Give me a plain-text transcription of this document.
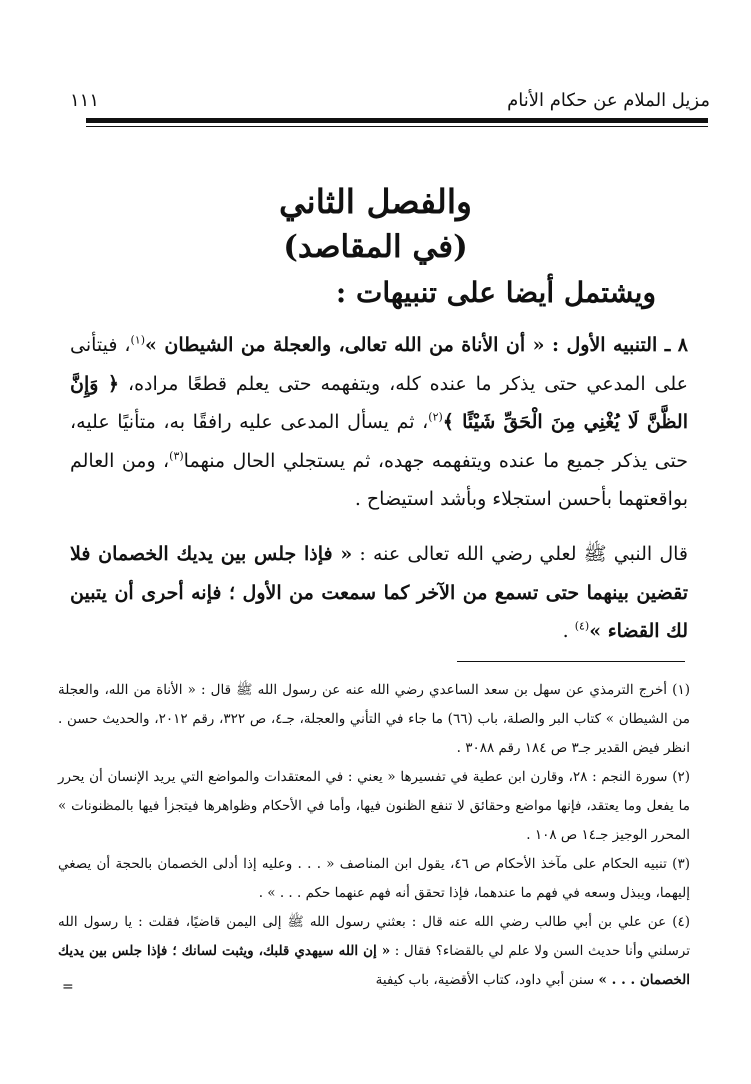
مزيل الملام عن حكام الأنام
١١١
والفصل الثاني
(في المقاصد)
ويشتمل أيضا على تنبيهات :

٨ ـ التنبيه الأول : « أن الأناة من الله تعالى، والعجلة من الشيطان »$^{(١)}$، فيتأنى على المدعي حتى يذكر ما عنده كله، ويتفهمه حتى يعلم قطعًا مراده، ﴿ وَإِنَّ الظَّنَّ لَا يُغْنِي مِنَ الْحَقِّ شَيْئًا ﴾$^{(٢)}$، ثم يسأل المدعى عليه رافقًا به، متأنيًا عليه، حتى يذكر جميع ما عنده ويتفهمه جهده، ثم يستجلي الحال منهما$^{(٣)}$، ومن العالم بواقعتهما بأحسن استجلاء وبأشد استيضاح .

قال النبي ﷺ لعلي رضي الله تعالى عنه : « فإذا جلس بين يديك الخصمان فلا تقضين بينهما حتى تسمع من الآخر كما سمعت من الأول ؛ فإنه أحرى أن يتبين لك القضاء »$^{(٤)}$ .

(١) أخرج الترمذي عن سهل بن سعد الساعدي رضي الله عنه عن رسول الله ﷺ قال : « الأناة من الله، والعجلة من الشيطان » كتاب البر والصلة، باب (٦٦) ما جاء في التأني والعجلة، جـ٤، ص ٣٢٢، رقم ٢٠١٢، والحديث حسن . انظر فيض القدير جـ٣ ص ١٨٤ رقم ٣٠٨٨ .

(٢) سورة النجم : ٢٨، وقارن ابن عطية في تفسيرها « يعني : في المعتقدات والمواضع التي يريد الإنسان أن يحرر ما يفعل وما يعتقد، فإنها مواضع وحقائق لا تنفع الظنون فيها، وأما في الأحكام وظواهرها فيتجزأ فيها بالمظنونات » المحرر الوجيز جـ١٤ ص ١٠٨ .

(٣) تنبيه الحكام على مآخذ الأحكام ص ٤٦، يقول ابن المناصف « . . . وعليه إذا أدلى الخصمان بالحجة أن يصغي إليهما، ويبذل وسعه في فهم ما عندهما، فإذا تحقق أنه فهم عنهما حكم . . . » .

(٤) عن علي بن أبي طالب رضي الله عنه قال : بعثني رسول الله ﷺ إلى اليمن قاضيًا، فقلت : يا رسول الله ترسلني وأنا حديث السن ولا علم لي بالقضاء؟ فقال : « إن الله سيهدي قلبك، ويثبت لسانك ؛ فإذا جلس بين يديك الخصمان . . . » سنن أبي داود، كتاب الأقضية، باب كيفية

=
